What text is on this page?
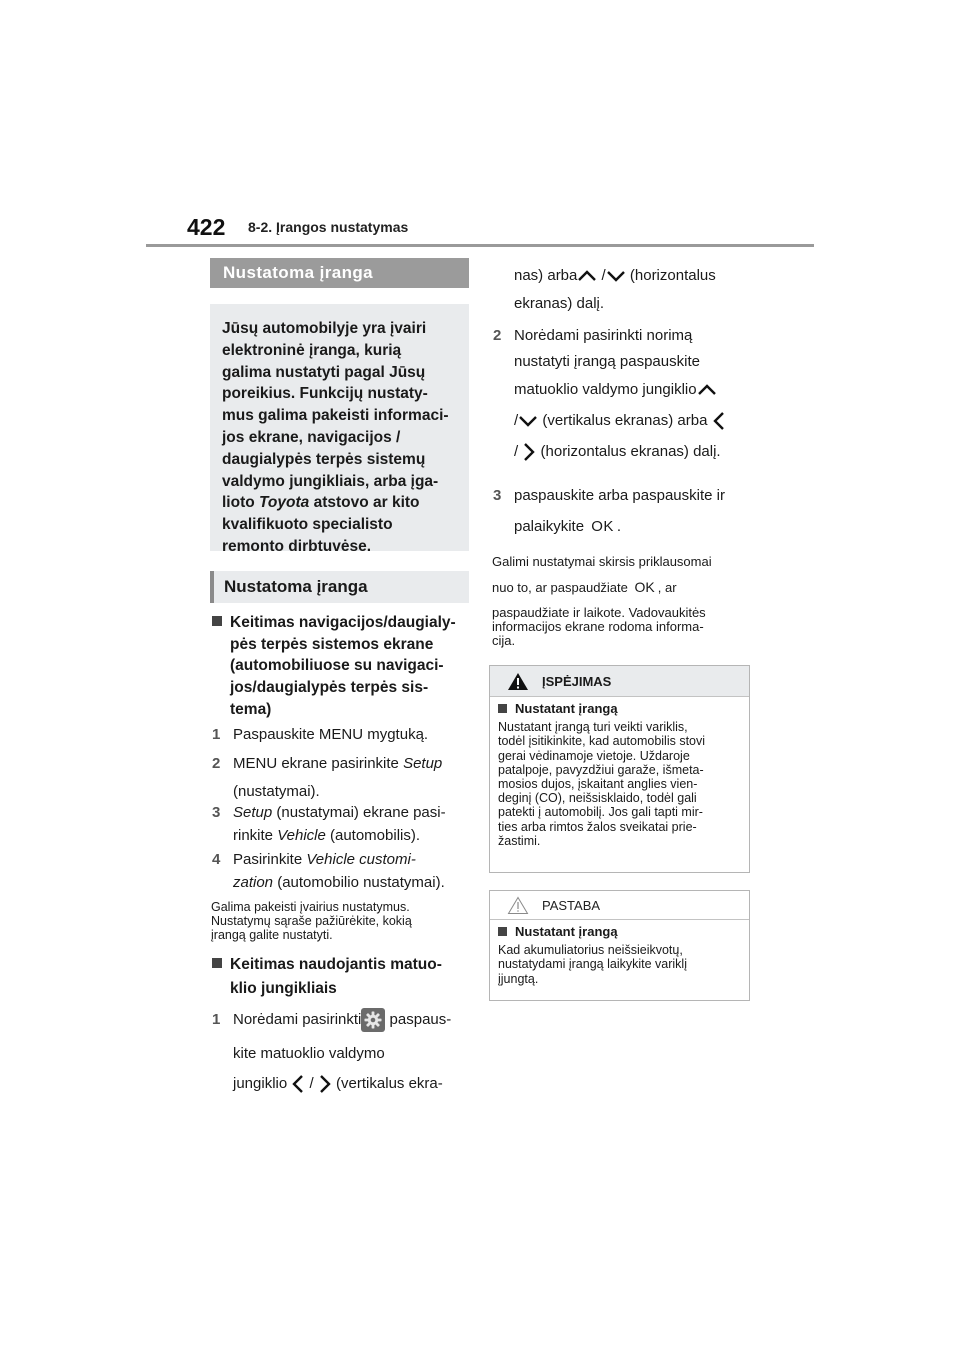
422 8-2. Įrangos nustatymas
Nustatoma įranga
Jūsų automobilyje yra įvairi
elektroninė įranga, kurią
galima nustatyti pagal Jūsų
poreikius. Funkcijų nustaty-
mus galima pakeisti informaci-
jos ekrane, navigacijos /
daugialypės terpės sistemų
valdymo jungikliais, arba įga-
lioto Toyota atstovo ar kito
kvalifikuoto specialisto
remonto dirbtuvėse.
Nustatoma įranga
Keitimas navigacijos/daugialy-
pės terpės sistemos ekrane
(automobiliuose su navigaci-
jos/daugialypės terpės sis-
tema)
1 Paspauskite MENU mygtuką.
2 MENU ekrane pasirinkite Setup
(nustatymai).
3 Setup (nustatymai) ekrane pasi-
rinkite Vehicle (automobilis).
4 Pasirinkite Vehicle customi-
zation (automobilio nustatymai).
Galima pakeisti įvairius nustatymus.
Nustatymų sąraše pažiūrėkite, kokią
įrangą galite nustatyti.
Keitimas naudojantis matuo-
klio jungikliais
1 Norėdami pasirinkti paspaus-
kite matuoklio valdymo
jungiklio  /  (vertikalus ekra-
nas) arba / (horizontalus
ekranas) dalį.
2 Norėdami pasirinkti norimą
nustatyti įrangą paspauskite
matuoklio valdymo jungiklio
/ (vertikalus ekranas) arba
/  (horizontalus ekranas) dalį.
3 paspauskite arba paspauskite ir
palaikykite OK .
Galimi nustatymai skirsis priklausomai
nuo to, ar paspaudžiate OK , ar
paspaudžiate ir laikote. Vadovaukitės
informacijos ekrane rodoma informa-
cija.
ĮSPĖJIMAS
Nustatant įrangą
Nustatant įrangą turi veikti variklis,
todėl įsitikinkite, kad automobilis stovi
gerai vėdinamoje vietoje. Uždaroje
patalpoje, pavyzdžiui garaže, išmeta-
mosios dujos, įskaitant anglies vien-
deginį (CO), neišsisklaido, todėl gali
patekti į automobilį. Jos gali tapti mir-
ties arba rimtos žalos sveikatai prie-
žastimi.
PASTABA
Nustatant įrangą
Kad akumuliatorius neišsieikvotų,
nustatydami įrangą laikykite variklį
įjungtą.
